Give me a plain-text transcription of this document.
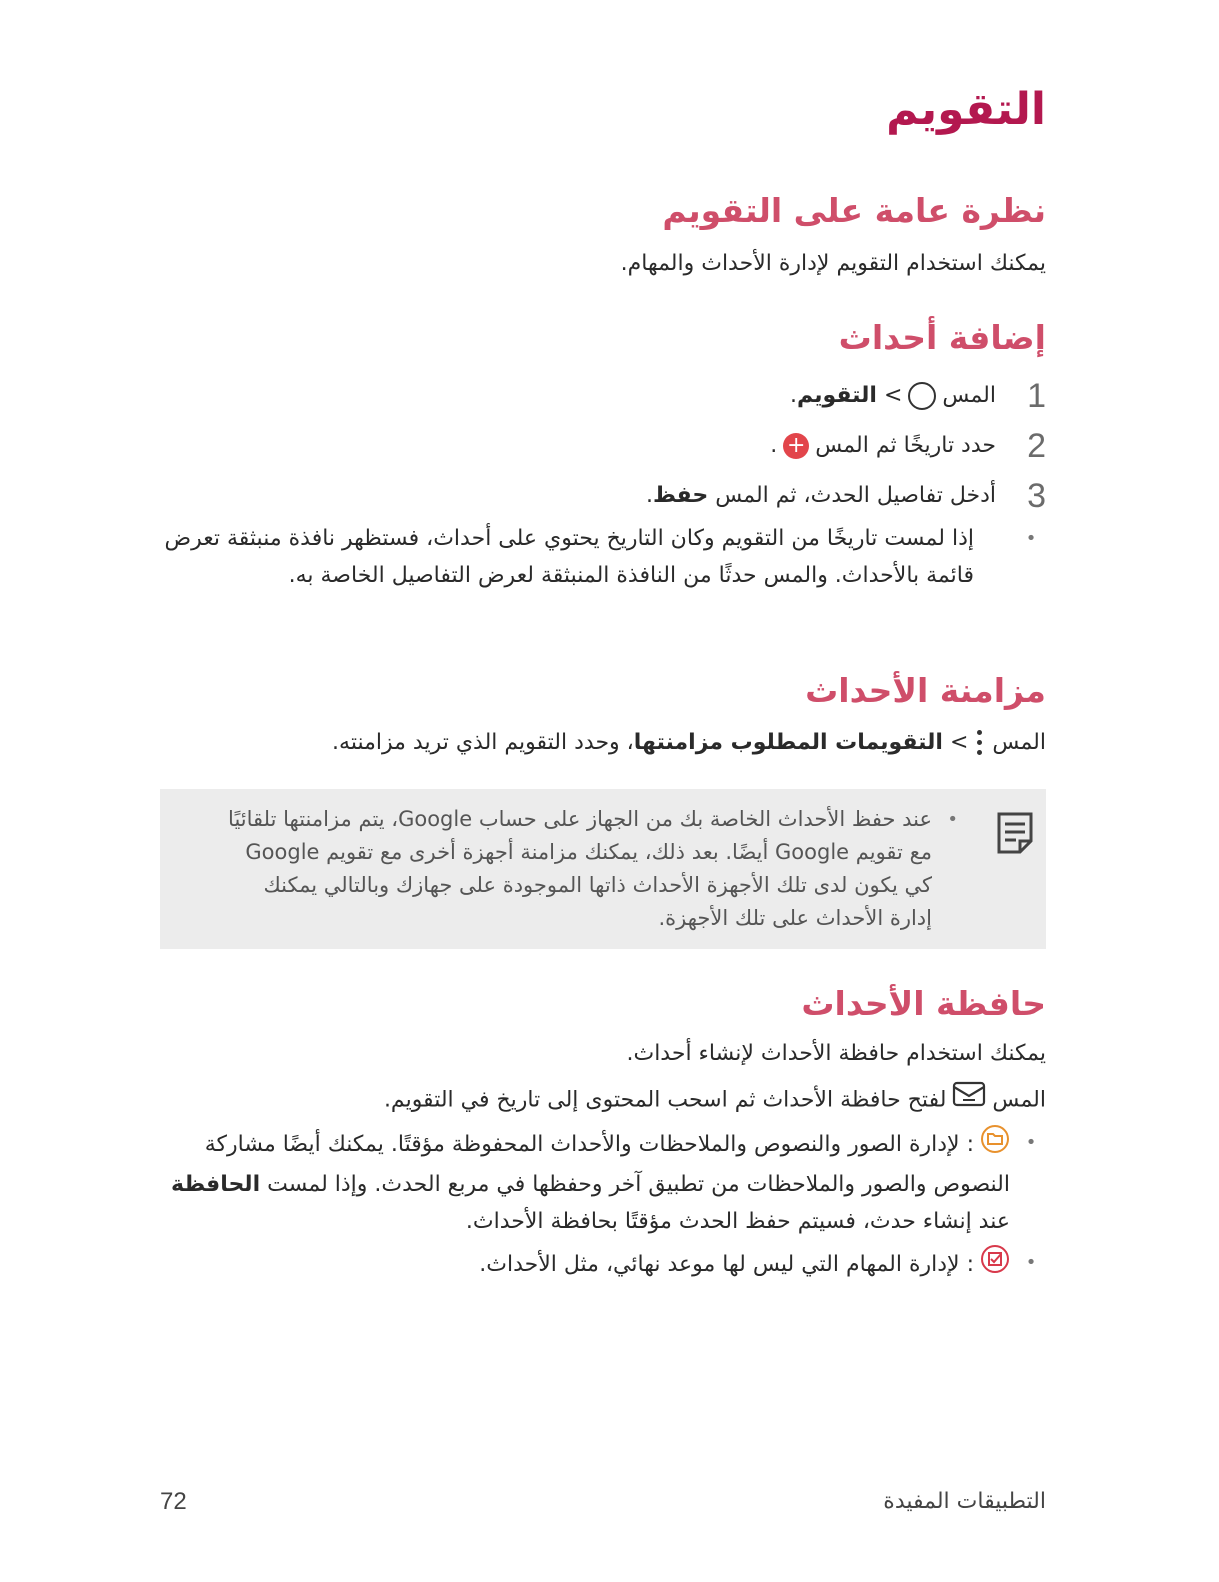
التقويم
نظرة عامة على التقويم

يمكنك استخدام التقويم لإدارة الأحداث والمهام.

إضافة أحداث
1المس> التقويم.
2حدد تاريخًا ثم المس+.
3أدخل تفاصيل الحدث، ثم المس حفظ.
•
إذا لمست تاريخًا من التقويم وكان التاريخ يحتوي على أحداث، فستظهر نافذة منبثقة تعرض قائمة بالأحداث. والمس حدثًا من النافذة المنبثقة لعرض التفاصيل الخاصة به.
مزامنة الأحداث
المس
> التقويمات المطلوب مزامنتها، وحدد التقويم الذي تريد مزامنته.
•
عند حفظ الأحداث الخاصة بك من الجهاز على حساب Google، يتم مزامنتها تلقائيًا مع تقويم Google أيضًا. بعد ذلك، يمكنك مزامنة أجهزة أخرى مع تقويم Google كي يكون لدى تلك الأجهزة الأحداث ذاتها الموجودة على جهازك وبالتالي يمكنك إدارة الأحداث على تلك الأجهزة.
حافظة الأحداث

يمكنك استخدام حافظة الأحداث لإنشاء أحداث.

المسلفتح حافظة الأحداث ثم اسحب المحتوى إلى تاريخ في التقويم.
•
: لإدارة الصور والنصوص والملاحظات والأحداث المحفوظة مؤقتًا. يمكنك أيضًا مشاركة النصوص والصور والملاحظات من تطبيق آخر وحفظها في مربع الحدث. وإذا لمست الحافظة عند إنشاء حدث، فسيتم حفظ الحدث مؤقتًا بحافظة الأحداث.
•
: لإدارة المهام التي ليس لها موعد نهائي، مثل الأحداث.
التطبيقات المفيدة
72
